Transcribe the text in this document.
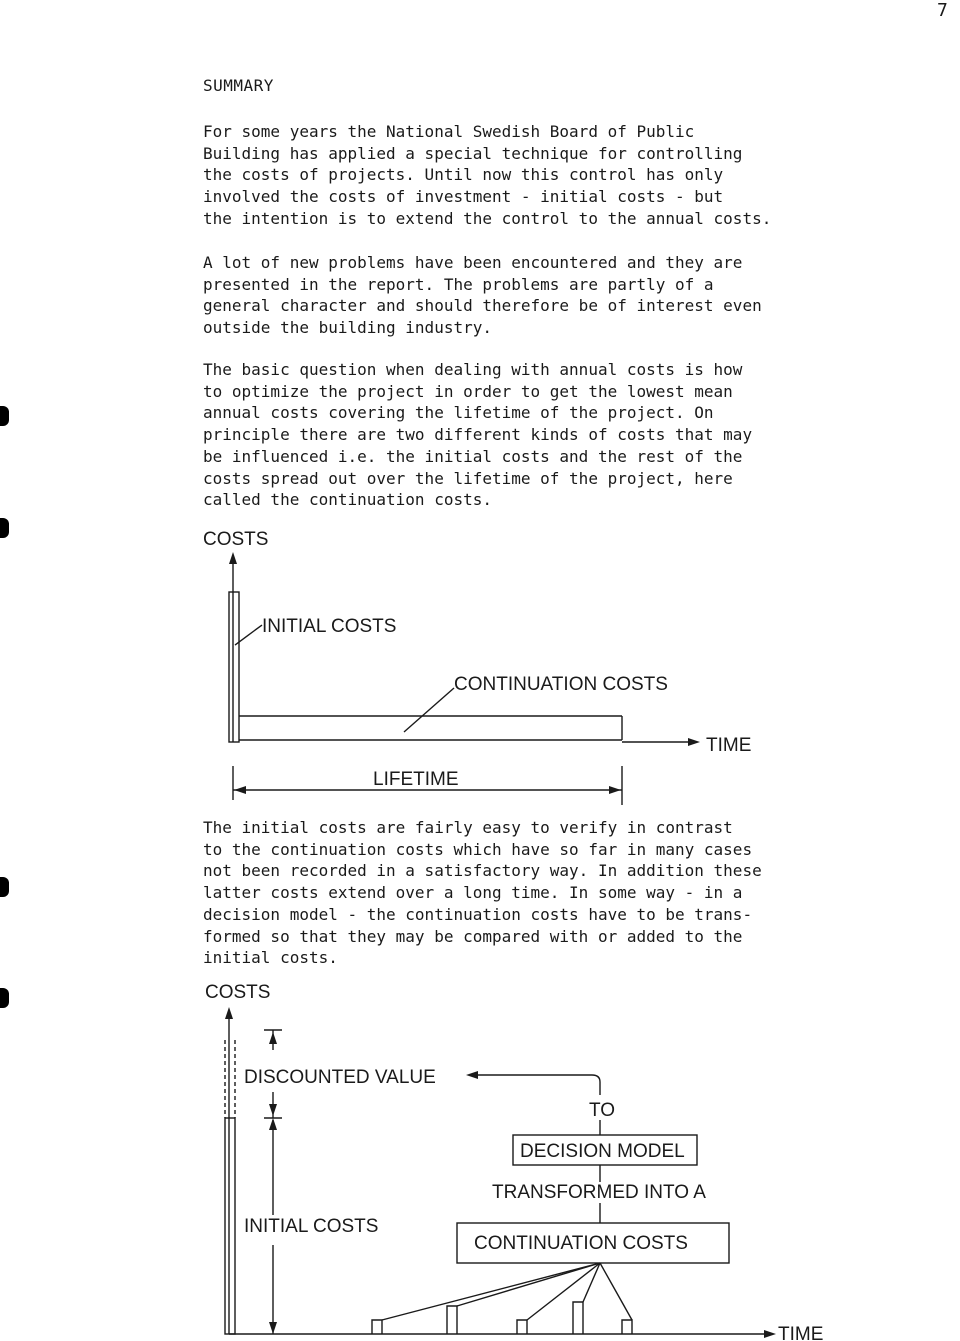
7
SUMMARY
For some years the National Swedish Board of Public
Building has applied a special technique for controlling
the costs of projects. Until now this control has only
involved the costs of investment - initial costs - but
the intention is to extend the control to the annual costs.
A lot of new problems have been encountered and they are
presented in the report. The problems are partly of a
general character and should therefore be of interest even
outside the building industry.
The basic question when dealing with annual costs is how
to optimize the project in order to get the lowest mean
annual costs covering the lifetime of the project. On
principle there are two different kinds of costs that may
be influenced i.e. the initial costs and the rest of the
costs spread out over the lifetime of the project, here
called the continuation costs.
COSTS
INITIAL COSTS
CONTINUATION COSTS
TIME
LIFETIME
The initial costs are fairly easy to verify in contrast
to the continuation costs which have so far in many cases
not been recorded in a satisfactory way. In addition these
latter costs extend over a long time. In some way - in a
decision model - the continuation costs have to be trans-
formed so that they may be compared with or added to the
initial costs.
COSTS
DISCOUNTED VALUE
TO
DECISION MODEL
TRANSFORMED INTO A
CONTINUATION COSTS
INITIAL COSTS
TIME
